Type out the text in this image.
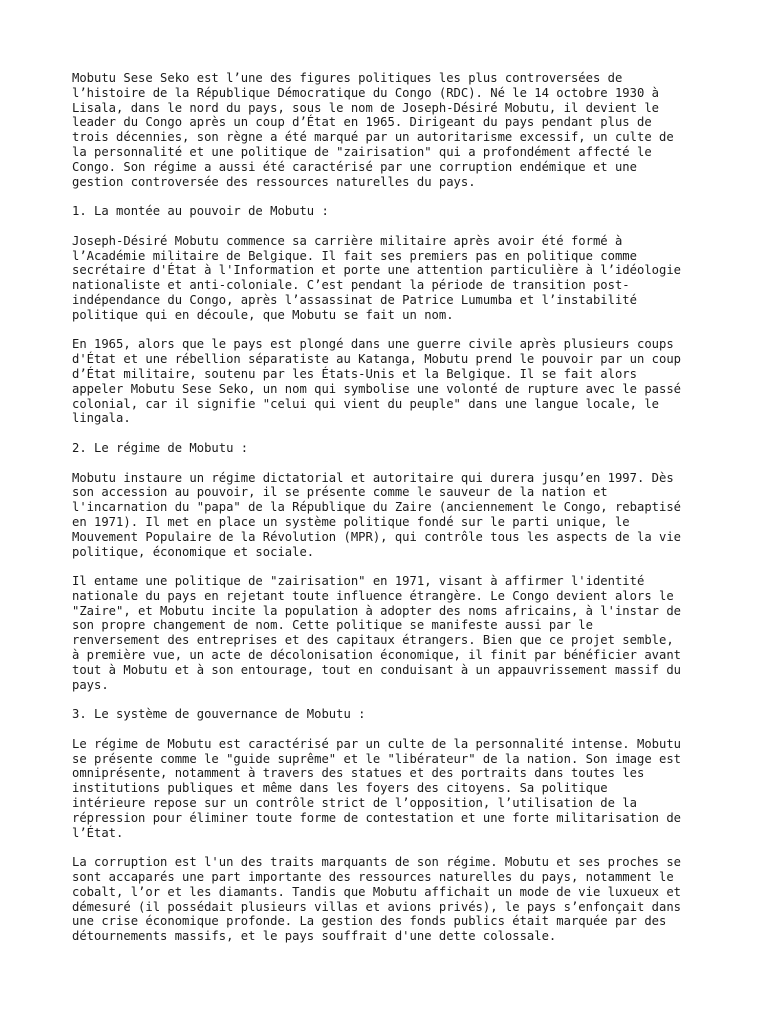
Mobutu Sese Seko est l’une des figures politiques les plus controversées de
l’histoire de la République Démocratique du Congo (RDC). Né le 14 octobre 1930 à
Lisala, dans le nord du pays, sous le nom de Joseph-Désiré Mobutu, il devient le
leader du Congo après un coup d’État en 1965. Dirigeant du pays pendant plus de
trois décennies, son règne a été marqué par un autoritarisme excessif, un culte de
la personnalité et une politique de "zairisation" qui a profondément affecté le
Congo. Son régime a aussi été caractérisé par une corruption endémique et une
gestion controversée des ressources naturelles du pays.

1. La montée au pouvoir de Mobutu :

Joseph-Désiré Mobutu commence sa carrière militaire après avoir été formé à
l’Académie militaire de Belgique. Il fait ses premiers pas en politique comme
secrétaire d'État à l'Information et porte une attention particulière à l’idéologie
nationaliste et anti-coloniale. C’est pendant la période de transition post-
indépendance du Congo, après l’assassinat de Patrice Lumumba et l’instabilité
politique qui en découle, que Mobutu se fait un nom.

En 1965, alors que le pays est plongé dans une guerre civile après plusieurs coups
d'État et une rébellion séparatiste au Katanga, Mobutu prend le pouvoir par un coup
d’État militaire, soutenu par les États-Unis et la Belgique. Il se fait alors
appeler Mobutu Sese Seko, un nom qui symbolise une volonté de rupture avec le passé
colonial, car il signifie "celui qui vient du peuple" dans une langue locale, le
lingala.

2. Le régime de Mobutu :

Mobutu instaure un régime dictatorial et autoritaire qui durera jusqu’en 1997. Dès
son accession au pouvoir, il se présente comme le sauveur de la nation et
l'incarnation du "papa" de la République du Zaire (anciennement le Congo, rebaptisé
en 1971). Il met en place un système politique fondé sur le parti unique, le
Mouvement Populaire de la Révolution (MPR), qui contrôle tous les aspects de la vie
politique, économique et sociale.

Il entame une politique de "zairisation" en 1971, visant à affirmer l'identité
nationale du pays en rejetant toute influence étrangère. Le Congo devient alors le
"Zaire", et Mobutu incite la population à adopter des noms africains, à l'instar de
son propre changement de nom. Cette politique se manifeste aussi par le
renversement des entreprises et des capitaux étrangers. Bien que ce projet semble,
à première vue, un acte de décolonisation économique, il finit par bénéficier avant
tout à Mobutu et à son entourage, tout en conduisant à un appauvrissement massif du
pays.

3. Le système de gouvernance de Mobutu :

Le régime de Mobutu est caractérisé par un culte de la personnalité intense. Mobutu
se présente comme le "guide suprême" et le "libérateur" de la nation. Son image est
omniprésente, notamment à travers des statues et des portraits dans toutes les
institutions publiques et même dans les foyers des citoyens. Sa politique
intérieure repose sur un contrôle strict de l’opposition, l’utilisation de la
répression pour éliminer toute forme de contestation et une forte militarisation de
l’État.

La corruption est l'un des traits marquants de son régime. Mobutu et ses proches se
sont accaparés une part importante des ressources naturelles du pays, notamment le
cobalt, l’or et les diamants. Tandis que Mobutu affichait un mode de vie luxueux et
démesuré (il possédait plusieurs villas et avions privés), le pays s’enfonçait dans
une crise économique profonde. La gestion des fonds publics était marquée par des
détournements massifs, et le pays souffrait d'une dette colossale.
